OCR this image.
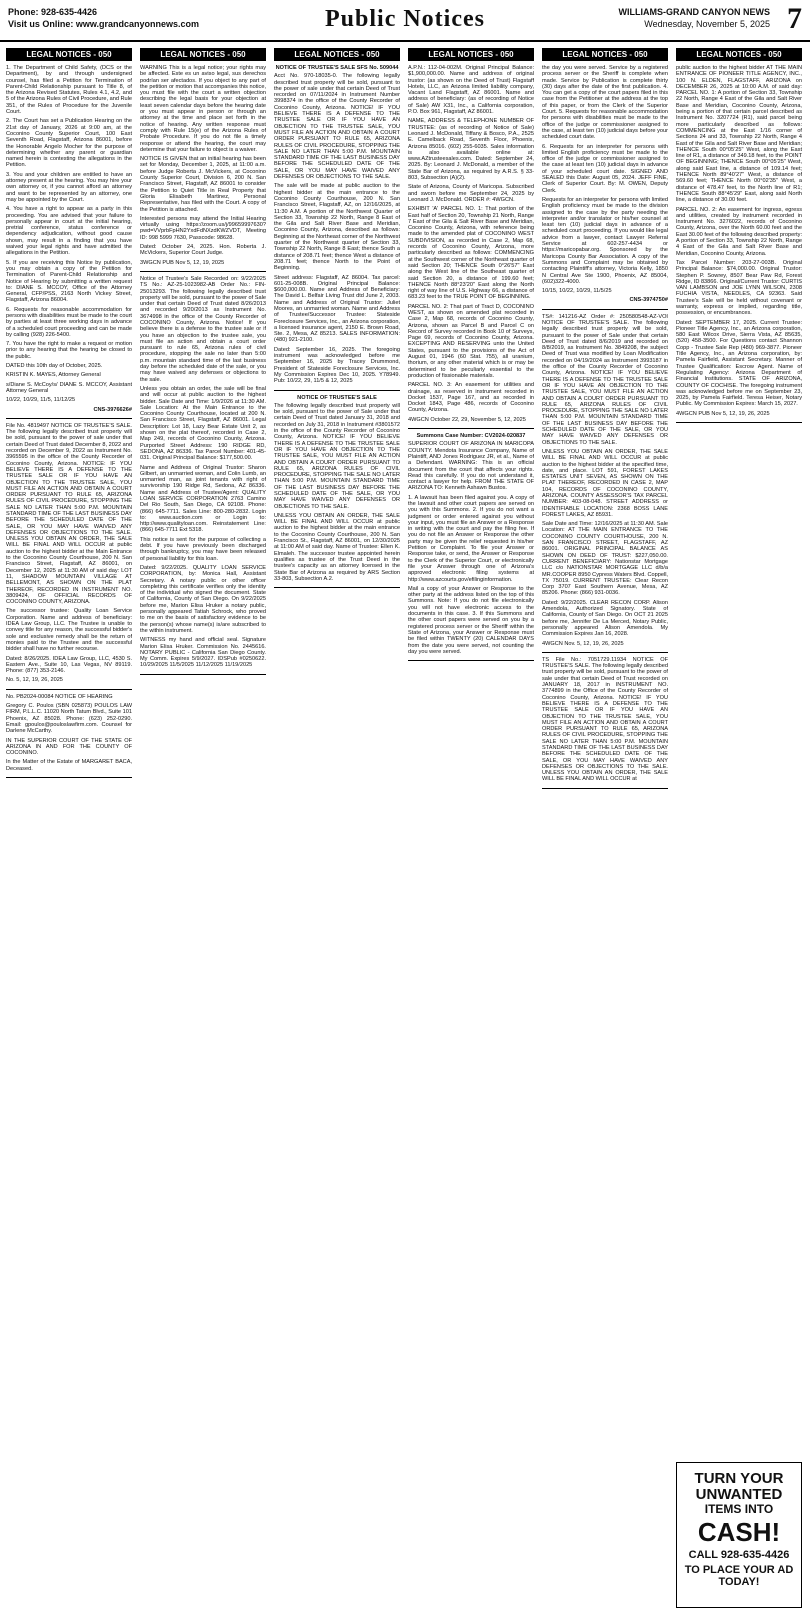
Phone: 928-635-4426
Visit us Online: www.grandcanyonnews.com	Public Notices	WILLIAMS-GRAND CANYON NEWS
Wednesday, November 5, 2025 7
LEGAL NOTICES - 050

1. The Department of Child Safety, (DCS or the Department), by and through undersigned counsel, has filed a Petition for Termination of Parent-Child Relationship pursuant to Title 8, of the Arizona Revised Statutes, Rules 4.1, 4.2, and 5 of the Arizona Rules of Civil Procedure, and Rule 351, of the Rules of Procedure for the Juvenile Court.

2. The Court has set a Publication Hearing on the 21st day of January, 2026 at 9:00 am, at the Coconino County Superior Court, 100 East Seventh Road, Flagstaff, Arizona 86001, before the Honorable Angelo Mocher for the purpose of determining whether any parent or guardian named herein is contesting the allegations in the Petition.

3. You and your children are entitled to have an attorney present at the hearing. You may hire your own attorney or, if you cannot afford an attorney and want to be represented by an attorney, one may be appointed by the Court.

4. You have a right to appear as a party in this proceeding. You are advised that your failure to personally appear in court at the initial hearing, pretrial conference, status conference or dependency adjudication, without good cause shown, may result in a finding that you have waived your legal rights and have admitted the allegations in the Petition.

5. If you are receiving this Notice by publication, you may obtain a copy of the Petition for Termination of Parent-Child Relationship and Notice of Hearing by submitting a written request to: DIANE S. MCCOY, Office of the Attorney General, CFP/PSS, 2163 North Vickey Street, Flagstaff, Arizona 86004.

6. Requests for reasonable accommodation for persons with disabilities must be made to the court by parties at least three working days in advance of a scheduled court proceeding and can be made by calling (928) 226-5400.

7. You have the right to make a request or motion prior to any hearing that the hearing be closed to the public.

DATED this 10th day of October, 2025.

KRISTIN K. MAYES, Attorney General

s/Diane S. McCoy/s/ DIANE S. MCCOY, Assistant Attorney General

10/22, 10/29, 11/5, 11/12/25

CNS-3976626#

File No. 4819497 NOTICE OF TRUSTEE'S SALE. The following legally described trust property will be sold, pursuant to the power of sale under that certain Deed of Trust dated December 8, 2022 and recorded on December 9, 2022 as Instrument No. 3965595 in the office of the County Recorder of Coconino County, Arizona. NOTICE: IF YOU BELIEVE THERE IS A DEFENSE TO THE TRUSTEE SALE OR IF YOU HAVE AN OBJECTION TO THE TRUSTEE SALE, YOU MUST FILE AN ACTION AND OBTAIN A COURT ORDER PURSUANT TO RULE 65, ARIZONA RULES OF CIVIL PROCEDURE, STOPPING THE SALE NO LATER THAN 5:00 P.M. MOUNTAIN STANDARD TIME OF THE LAST BUSINESS DAY BEFORE THE SCHEDULED DATE OF THE SALE, OR YOU MAY HAVE WAIVED ANY DEFENSES OR OBJECTIONS TO THE SALE. UNLESS YOU OBTAIN AN ORDER, THE SALE WILL BE FINAL AND WILL OCCUR at public auction to the highest bidder at the Main Entrance to the Coconino County Courthouse, 200 N. San Francisco Street, Flagstaff, AZ 86001, on December 12, 2025 at 11:30 AM of said day: LOT 11, SHADOW MOUNTAIN VILLAGE AT BELLEMONT, AS SHOWN ON THE PLAT THEREOF, RECORDED IN INSTRUMENT NO. 3809424, OF OFFICIAL RECORDS OF COCONINO COUNTY, ARIZONA.

The successor trustee: Quality Loan Service Corporation. Name and address of beneficiary: IDEA Law Group, LLC. The Trustee is unable to convey title for any reason, the successful bidder's sole and exclusive remedy shall be the return of monies paid to the Trustee and the successful bidder shall have no further recourse.

Dated: 8/26/2025. IDEA Law Group, LLC, 4530 S. Eastern Ave., Suite 10, Las Vegas, NV 89119. Phone: (877) 353-2146.

No. 5, 12, 19, 26, 2025

No. PB2024-00084 NOTICE OF HEARING

Gregory C. Poulos (SBN 025873) POULOS LAW FIRM, P.L.L.C. 11020 North Tatum Blvd., Suite 101 Phoenix, AZ 85028. Phone: (623) 252-0290. Email: gpoulos@pouloslawfirm.com. Counsel for Darlene McCarthy.

IN THE SUPERIOR COURT OF THE STATE OF ARIZONA IN AND FOR THE COUNTY OF COCONINO.

In the Matter of the Estate of MARGARET BACA, Deceased.

LEGAL NOTICES - 050

WARNING This is a legal notice; your rights may be affected. Este es un aviso legal, sus derechos podrían ser afectados. If you object to any part of the petition or motion that accompanies this notice, you must file with the court a written objection describing the legal basis for your objection at least seven calendar days before the hearing date or you must appear in person or through an attorney at the time and place set forth in the notice of hearing. Any written response must comply with Rule 15(e) of the Arizona Rules of Probate Procedure. If you do not file a timely response or attend the hearing, the court may determine that your failure to object is a waiver.

NOTICE IS GIVEN that an initial hearing has been set for Monday, December 1, 2025, at 11:00 a.m. before Judge Roberta J. McVickers, at Coconino County Superior Court, Division 6, 200 N. San Francisco Street, Flagstaff, AZ 86001 to consider the Petition to Quiet Title in Real Property that Gloria Elisabeth Martinez, Personal Representative, has filed with the Court. A copy of the Petition is attached.

Interested persons may attend the Initial Hearing virtually using https://zoom.us/j/99659997630?pwd=VVprbFpHN2YxdFdNXzdKWZVDT, Meeting ID: 998 5999 7630, Passcode: 98628.

Dated: October 24, 2025. Hon. Roberta J. McVickers, Superior Court Judge.

3WGCN PUB Nov 5, 12, 19, 2025

Notice of Trustee's Sale Recorded on: 9/22/2025 TS No.: AZ-25-1023982-AB Order No.: FIN-25013293. The following legally described trust property will be sold, pursuant to the power of Sale under that certain Deed of Trust dated 8/26/2013 and recorded 9/20/2013 as Instrument No. 3674998 in the office of the County Recorder of COCONINO County, Arizona. Notice! If you believe there is a defense to the trustee sale or if you have an objection to the trustee sale, you must file an action and obtain a court order pursuant to rule 65, Arizona rules of civil procedure, stopping the sale no later than 5:00 p.m. mountain standard time of the last business day before the scheduled date of the sale, or you may have waived any defenses or objections to the sale.

Unless you obtain an order, the sale will be final and will occur at public auction to the highest bidder. Sale Date and Time: 1/9/2026 at 11:30 AM. Sale Location: At the Main Entrance to the Coconino County Courthouse, located at 200 N. San Francisco Street, Flagstaff, AZ 86001. Legal Description: Lot 18, Lazy Bear Estate Unit 2, as shown on the plat thereof, recorded in Case 2, Map 249, records of Coconino County, Arizona. Purported Street Address: 190 RIDGE RD, SEDONA, AZ 86336. Tax Parcel Number: 401-45-031. Original Principal Balance: $177,500.00.

Name and Address of Original Trustor: Sharon Gilbert, an unmarried woman, and Colin Lumb, an unmarried man, as joint tenants with right of survivorship 190 Ridge Rd, Sedona, AZ 86336. Name and Address of Trustee/Agent: QUALITY LOAN SERVICE CORPORATION 2763 Camino Del Rio South, San Diego, CA 92108. Phone: (866) 645-7711. Sales Line: 800-280-2832. Login to: www.auction.com or Login to: http://www.qualityloan.com. Reinstatement Line: (866) 645-7711 Ext 5318.

This notice is sent for the purpose of collecting a debt. If you have previously been discharged through bankruptcy, you may have been released of personal liability for this loan.

Dated: 9/22/2025. QUALITY LOAN SERVICE CORPORATION, by: Monica Hall, Assistant Secretary. A notary public or other officer completing this certificate verifies only the identity of the individual who signed the document. State of California, County of San Diego. On 9/22/2025 before me, Marion Elisa Hruker a notary public, personally appeared Tatiah Schrock, who proved to me on the basis of satisfactory evidence to be the person(s) whose name(s) is/are subscribed to the within instrument.

WITNESS my hand and official seal. Signature Marion Elisa Hruker. Commission No. 2445616. NOTARY PUBLIC - California San Diego County. My Comm. Expires 5/9/2027. IDSPub #0250622. 10/29/2025 11/5/2025 11/12/2025 11/19/2025

LEGAL NOTICES - 050

NOTICE OF TRUSTEE'S SALE SFS No. 509044

Acct No. 970-18035-0. The following legally described trust property will be sold, pursuant to the power of sale under that certain Deed of Trust recorded on 07/11/2024 in Instrument Number 3998374 in the office of the County Recorder of Coconino County, Arizona. NOTICE! IF YOU BELIEVE THERE IS A DEFENSE TO THE TRUSTEE SALE OR IF YOU HAVE AN OBJECTION TO THE TRUSTEE SALE, YOU MUST FILE AN ACTION AND OBTAIN A COURT ORDER PURSUANT TO RULE 65, ARIZONA RULES OF CIVIL PROCEDURE, STOPPING THE SALE NO LATER THAN 5:00 P.M. MOUNTAIN STANDARD TIME OF THE LAST BUSINESS DAY BEFORE THE SCHEDULED DATE OF THE SALE, OR YOU MAY HAVE WAIVED ANY DEFENSES OR OBJECTIONS TO THE SALE.

The sale will be made at public auction to the highest bidder at the main entrance to the Coconino County Courthouse, 200 N. San Francisco Street, Flagstaff, AZ, on 12/16/2025, at 11:30 A.M. A portion of the Northwest Quarter of Section 33, Township 22 North, Range 8 East of the Gila and Salt River Base and Meridian, Coconino County, Arizona, described as follows: Beginning at the Northeast corner of the Northwest quarter of the Northwest quarter of Section 33, Township 22 North, Range 8 East; thence South a distance of 208.71 feet; thence West a distance of 208.71 feet; thence North to the Point of Beginning.

Street address: Flagstaff, AZ 86004. Tax parcel: 601-25-008B. Original Principal Balance: $600,000.00. Name and Address of Beneficiary: The David L. Belfair Living Trust dtd June 2, 2003. Name and Address of Original Trustor: Juliet Moores, an unmarried woman. Name and Address of Trustee/Successor Trustee: Stateside Foreclosure Services, Inc., an Arizona corporation, a licensed insurance agent, 2150 E. Brown Road, Ste. 2, Mesa, AZ 85213. SALES INFORMATION: (480) 921-2100.

Dated: September 16, 2025. The foregoing instrument was acknowledged before me September 16, 2025 by Tracey Drummond, President of Stateside Foreclosure Services, Inc. My Commission Expires Dec 10, 2025. Y78949. Pub: 10/22, 29, 11/5 & 12, 2025

NOTICE OF TRUSTEE'S SALE

The following legally described trust property will be sold, pursuant to the power of Sale under that certain Deed of Trust dated January 31, 2018 and recorded on July 31, 2018 in Instrument #3801572 in the office of the County Recorder of Coconino County, Arizona. NOTICE! IF YOU BELIEVE THERE IS A DEFENSE TO THE TRUSTEE SALE OR IF YOU HAVE AN OBJECTION TO THE TRUSTEE SALE, YOU MUST FILE AN ACTION AND OBTAIN A COURT ORDER PURSUANT TO RULE 65, ARIZONA RULES OF CIVIL PROCEDURE, STOPPING THE SALE NO LATER THAN 5:00 P.M. MOUNTAIN STANDARD TIME OF THE LAST BUSINESS DAY BEFORE THE SCHEDULED DATE OF THE SALE, OR YOU MAY HAVE WAIVED ANY DEFENSES OR OBJECTIONS TO THE SALE.

UNLESS YOU OBTAIN AN ORDER, THE SALE WILL BE FINAL AND WILL OCCUR at public auction to the highest bidder at the main entrance to the Coconino County Courthouse, 200 N. San Francisco St., Flagstaff, AZ 86001, on 12/30/2025 at 11:00 AM of said day. Name of Trustee: Ellen K. Elmaleh. The successor trustee appointed herein qualifies as trustee of the Trust Deed in the trustee's capacity as an attorney licensed in the State Bar of Arizona as required by ARS Section 33-803, Subsection A.2.

LEGAL NOTICES - 050

A.P.N.: 112-04-002M. Original Principal Balance: $1,900,000.00. Name and address of original trustor: (as shown on the Deed of Trust) Flagstaff Hotels, LLC, an Arizona limited liability company, Vacant Land Flagstaff, AZ 86001. Name and address of beneficiary: (as of recording of Notice of Sale) AW X31, Inc., a California corporation, P.O. Box 961, Flagstaff, AZ 86001.

NAME, ADDRESS & TELEPHONE NUMBER OF TRUSTEE: (as of recording of Notice of Sale) Leonard J. McDonald, Tiffany & Bosco, P.A., 2525 E. Camelback Road, Seventh Floor, Phoenix, Arizona 85016. (602) 255-6035. Sales information is also available online at: www.AZtrusteesales.com. Dated: September 24, 2025. By: Leonard J. McDonald, a member of the State Bar of Arizona, as required by A.R.S. § 33-803, Subsection (A)(2).

State of Arizona, County of Maricopa. Subscribed and sworn before me September 24, 2025 by Leonard J. McDonald. ORDER #: 4WGCN.

EXHIBIT 'A' PARCEL NO. 1: That portion of the East half of Section 20, Township 21 North, Range 7 East of the Gila & Salt River Base and Meridian, Coconino County, Arizona, with reference being made to the amended plat of COCONINO WEST SUBDIVISION, as recorded in Case 2, Map 68, records of Coconino County, Arizona, more particularly described as follows: COMMENCING at the Southwest corner of the Northeast quarter of said Section 20; THENCE South 0°26'57" East along the West line of the Southeast quarter of said Section 20, a distance of 199.60 feet; THENCE North 88°23'20" East along the North right of way line of U.S. Highway 66, a distance of 683.23 feet to the TRUE POINT OF BEGINNING.

PARCEL NO. 2: That part of Tract D, COCONINO WEST, as shown on amended plat recorded in Case 2, Map 68, records of Coconino County, Arizona, shown as Parcel B and Parcel C on Record of Survey recorded in Book 10 of Surveys, Page 69, records of Coconino County, Arizona. EXCEPTING AND RESERVING unto the United States, pursuant to the provisions of the Act of August 01, 1946 (60 Stat. 755), all uranium, thorium, or any other material which is or may be determined to be peculiarly essential to the production of fissionable materials.

PARCEL NO. 3: An easement for utilities and drainage, as reserved in instrument recorded in Docket 1537, Page 167, and as recorded in Docket 1843, Page 486, records of Coconino County, Arizona.

4WGCN October 22, 29, November 5, 12, 2025

Summons Case Number: CV2024-020837

SUPERIOR COURT OF ARIZONA IN MARICOPA COUNTY. Mendota Insurance Company, Name of Plaintiff, AND Jones Rodriguez JR, et al., Name of a Defendant. WARNING: This is an official document from the court that affects your rights. Read this carefully. If you do not understand it, contact a lawyer for help. FROM THE STATE OF ARIZONA TO: Kenneth Ashawn Bustos.

1. A lawsuit has been filed against you. A copy of the lawsuit and other court papers are served on you with this Summons. 2. If you do not want a judgment or order entered against you without your input, you must file an Answer or a Response in writing with the court and pay the filing fee. If you do not file an Answer or Response the other party may be given the relief requested in his/her Petition or Complaint. To file your Answer or Response take, or send, the Answer or Response to the Clerk of the Superior Court, or electronically file your Answer through one of Arizona's approved electronic filing systems at http://www.azcourts.gov/efilinginformation.

Mail a copy of your Answer or Response to the other party at the address listed on the top of this Summons. Note: If you do not file electronically you will not have electronic access to the documents in this case. 3. If this Summons and the other court papers were served on you by a registered process server or the Sheriff within the State of Arizona, your Answer or Response must be filed within TWENTY (20) CALENDAR DAYS from the date you were served, not counting the day you were served.

LEGAL NOTICES - 050

the day you were served. Service by a registered process server or the Sheriff is complete when made. Service by Publication is complete thirty (30) days after the date of the first publication. 4. You can get a copy of the court papers filed in this case from the Petitioner at the address at the top of this paper, or from the Clerk of the Superior Court. 5. Requests for reasonable accommodation for persons with disabilities must be made to the office of the judge or commissioner assigned to the case, at least ten (10) judicial days before your scheduled court date.

6. Requests for an interpreter for persons with limited English proficiency must be made to the office of the judge or commissioner assigned to the case at least ten (10) judicial days in advance of your scheduled court date. SIGNED AND SEALED this Date: August 05, 2024. JEFF FINE, Clerk of Superior Court. By: M. OWEN, Deputy Clerk.

Requests for an interpreter for persons with limited English proficiency must be made to the division assigned to the case by the party needing the interpreter and/or translator or his/her counsel at least ten (10) judicial days in advance of a scheduled court proceeding. If you would like legal advice from a lawyer, contact Lawyer Referral Service at 602-257-4434 or https://maricopabar.org. Sponsored by the Maricopa County Bar Association. A copy of the Summons and Complaint may be obtained by contacting Plaintiff's attorney, Victoria Kelly, 1850 N Central Ave Ste 1900, Phoenix, AZ 85004, (602)322-4000.

10/15, 10/22, 10/29, 11/5/25

CNS-3974750#

TS#: 141216-AZ Order #: 250580548-AZ-VOI NOTICE OF TRUSTEE'S SALE. The following legally described trust property will be sold, pursuant to the power of Sale under that certain Deed of Trust dated 8/6/2019 and recorded on 8/8/2019, as Instrument No. 3849208, the subject Deed of Trust was modified by Loan Modification recorded on 04/19/2024 as Instrument 3993187 in the office of the County Recorder of Coconino County, Arizona. NOTICE! IF YOU BELIEVE THERE IS A DEFENSE TO THE TRUSTEE SALE OR IF YOU HAVE AN OBJECTION TO THE TRUSTEE SALE, YOU MUST FILE AN ACTION AND OBTAIN A COURT ORDER PURSUANT TO RULE 65, ARIZONA RULES OF CIVIL PROCEDURE, STOPPING THE SALE NO LATER THAN 5:00 P.M. MOUNTAIN STANDARD TIME OF THE LAST BUSINESS DAY BEFORE THE SCHEDULED DATE OF THE SALE, OR YOU MAY HAVE WAIVED ANY DEFENSES OR OBJECTIONS TO THE SALE.

UNLESS YOU OBTAIN AN ORDER, THE SALE WILL BE FINAL AND WILL OCCUR at public auction to the highest bidder at the specified time, date, and place. LOT 591, FOREST LAKES ESTATES UNIT SEVEN, AS SHOWN ON THE PLAT THEREOF, RECORDED IN CASE 2, MAP 104, RECORDS OF COCONINO COUNTY, ARIZONA. COUNTY ASSESSOR'S TAX PARCEL NUMBER: 403-08-048. STREET ADDRESS or IDENTIFIABLE LOCATION: 2368 BOSS LANE FOREST LAKES, AZ 85931.

Sale Date and Time: 12/16/2025 at 11:30 AM. Sale Location: AT THE MAIN ENTRANCE TO THE COCONINO COUNTY COURTHOUSE, 200 N. SAN FRANCISCO STREET, FLAGSTAFF, AZ 86001. ORIGINAL PRINCIPAL BALANCE AS SHOWN ON DEED OF TRUST: $227,050.00. CURRENT BENEFICIARY: Nationstar Mortgage LLC c/o NATIONSTAR MORTGAGE LLC d/b/a MR.COOPER 8950 Cypress Waters Blvd. Coppell, TX 75019. CURRENT TRUSTEE: Clear Recon Corp 3707 East Southern Avenue, Mesa, AZ 85206. Phone: (866) 931-0036.

Dated: 9/22/2025. CLEAR RECON CORP. Alison Amendola, Authorized Signatory. State of California, County of San Diego. On OCT 21 2025 before me, Jennifer De La Merced, Notary Public, personally appeared Alison Amendola. My Commission Expires Jan 16, 2028.

4WGCN Nov. 5, 12, 19, 26, 2025

TS File No.: 7051729.11934 NOTICE OF TRUSTEE'S SALE. The following legally described trust property will be sold, pursuant to the power of sale under that certain Deed of Trust recorded on JANUARY 18, 2017 in INSTRUMENT NO. 3774899 in the Office of the County Recorder of Coconino County, Arizona. NOTICE! IF YOU BELIEVE THERE IS A DEFENSE TO THE TRUSTEE SALE OR IF YOU HAVE AN OBJECTION TO THE TRUSTEE SALE, YOU MUST FILE AN ACTION AND OBTAIN A COURT ORDER PURSUANT TO RULE 65, ARIZONA RULES OF CIVIL PROCEDURE, STOPPING THE SALE NO LATER THAN 5:00 P.M. MOUNTAIN STANDARD TIME OF THE LAST BUSINESS DAY BEFORE THE SCHEDULED DATE OF THE SALE, OR YOU MAY HAVE WAIVED ANY DEFENSES OR OBJECTIONS TO THE SALE. UNLESS YOU OBTAIN AN ORDER, THE SALE WILL BE FINAL AND WILL OCCUR at

LEGAL NOTICES - 050

public auction to the highest bidder AT THE MAIN ENTRANCE OF PIONEER TITLE AGENCY, INC., 100 N. ELDEN, FLAGSTAFF, ARIZONA on DECEMBER 26, 2025 at 10:00 A.M. of said day: PARCEL NO. 1: A portion of Section 33, Township 22 North, Range 4 East of the Gila and Salt River Base and Meridian, Coconino County, Arizona, being a portion of that certain parcel described as Instrument No. 3207724 (R1), said parcel being more particularly described as follows: COMMENCING at the East 1/16 corner of Sections 24 and 33, Township 22 North, Range 4 East of the Gila and Salt River Base and Meridian; THENCE South 00°05'25" West, along the East line of R1, a distance of 349.18 feet, to the POINT OF BEGINNING; THENCE South 00°05'25" West, along said East line, a distance of 109.14 feet; THENCE North 89°40'27" West, a distance of 569.60 feet; THENCE North 00°02'35" West, a distance of 478.47 feet, to the North line of R1; THENCE South 88°45'29" East, along said North line, a distance of 30.00 feet.

PARCEL NO. 2: An easement for ingress, egress and utilities, created by instrument recorded in Instrument No. 3276022, records of Coconino County, Arizona, over the North 60.00 feet and the East 30.00 feet of the following described property: A portion of Section 33, Township 22 North, Range 4 East of the Gila and Salt River Base and Meridian, Coconino County, Arizona.

Tax Parcel Number: 203-27-003B. Original Principal Balance: $74,000.00. Original Trustor: Stephen P. Sowrey, 8507 Bear Paw Rd, Forest Ridge, ID 83866. Original/Current Trustor: CURTIS VAN LAMBSON and JOE LYNN WILSON, 2308 FUCHIA VISTA, NEEDLES, CA 92363. Said Trustee's Sale will be held without covenant or warranty, express or implied, regarding title, possession, or encumbrances.

Dated: SEPTEMBER 17, 2025. Current Trustee: Pioneer Title Agency, Inc., an Arizona corporation, 580 East Wilcox Drive, Sierra Vista, AZ 85635, (520) 458-3500. For Questions contact Shannon Copp - Trustee Sale Rep (480) 969-3877. Pioneer Title Agency, Inc., an Arizona corporation, by: Pamela Fairfield, Assistant Secretary. Manner of Trustee Qualification: Escrow Agent. Name of Regulating Agency: Arizona Department of Financial Institutions. STATE OF ARIZONA, COUNTY OF COCHISE. The foregoing instrument was acknowledged before me on September 23, 2025, by Pamela Fairfield. Teresa Heiser, Notary Public. My Commission Expires: March 15, 2027.

4WGCN PUB Nov 5, 12, 19, 26, 2025

TURN YOUR UNWANTED
ITEMS INTO
CASH!
CALL 928-635-4426
TO PLACE YOUR AD TODAY!
